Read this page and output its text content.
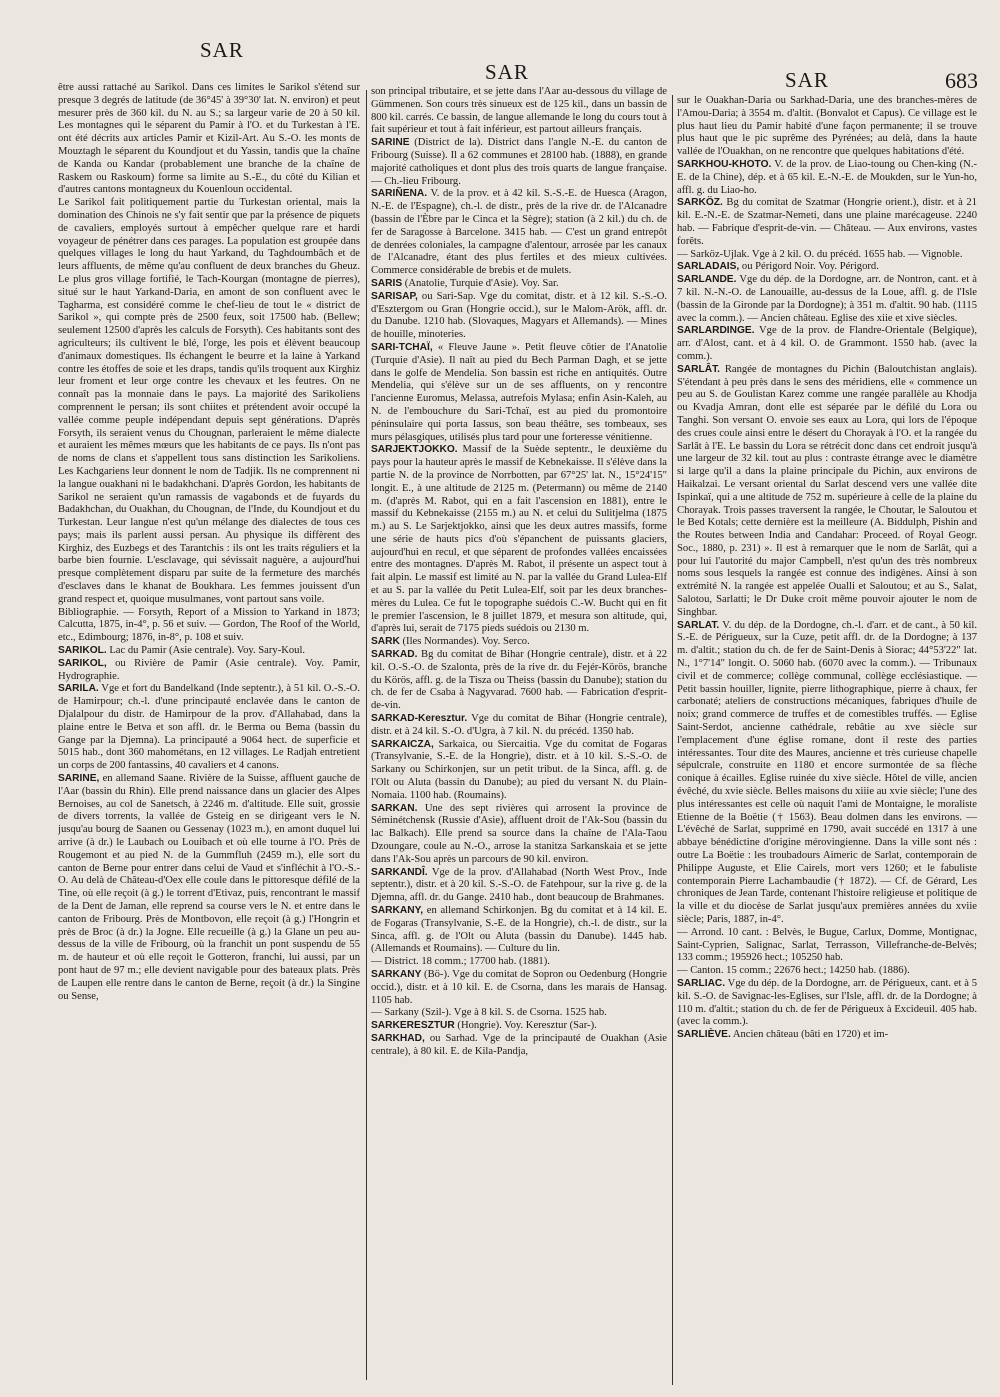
SAR
SAR	SAR	683

être aussi rattaché au Sarikol. Dans ces limites le Sarikol s'étend sur presque 3 degrés de latitude (de 36°45' à 39°30' lat. N. environ) et peut mesurer près de 360 kil. du N. au S.; sa largeur varie de 20 à 50 kil. Les montagnes qui le séparent du Pamir à l'O. et du Turkestan à l'E. ont été décrits aux articles Pamir et Kizil-Art. Au S.-O. les monts de Mouztagh le séparent du Koundjout et du Yassin, tandis que la chaîne de Kanda ou Kandar (probablement une branche de la chaîne de Raskem ou Raskoum) forme sa limite au S.-E., du côté du Kilian et d'autres cantons montagneux du Kouenloun occidental.

Le Sarikol fait politiquement partie du Turkestan oriental, mais la domination des Chinois ne s'y fait sentir que par la présence de piquets de cavaliers, employés surtout à empêcher quelque rare et hardi voyageur de pénétrer dans ces parages. La population est groupée dans quelques villages le long du haut Yarkand, du Taghdoumbâch et de leurs affluents, de même qu'au confluent de deux branches du Gheuz. Le plus gros village fortifié, le Tach-Kourgan (montagne de pierres), situé sur le haut Yarkand-Daria, en amont de son confluent avec le Tagharma, est considéré comme le chef-lieu de tout le « district de Sarikol », qui compte près de 2500 feux, soit 17500 hab. (Bellew; seulement 12500 d'après les calculs de Forsyth). Ces habitants sont des agriculteurs; ils cultivent le blé, l'orge, les pois et élèvent beaucoup d'animaux domestiques. Ils échangent le beurre et la laine à Yarkand contre les étoffes de soie et les draps, tandis qu'ils troquent aux Kirghiz leur froment et leur orge contre les chevaux et les feutres. On ne connaît pas la monnaie dans le pays. La majorité des Sarikoliens comprennent le persan; ils sont chiites et prétendent avoir occupé la vallée comme peuple indépendant depuis sept générations. D'après Forsyth, ils seraient venus du Chougnan, parleraient le même dialecte et auraient les mêmes mœurs que les habitants de ce pays. Ils n'ont pas de noms de clans et s'appellent tous sans distinction les Sarikoliens. Les Kachgariens leur donnent le nom de Tadjik. Ils ne comprennent ni la langue ouakhani ni le badakhchani. D'après Gordon, les habitants de Sarikol ne seraient qu'un ramassis de vagabonds et de fuyards du Badakhchan, du Ouakhan, du Chougnan, de l'Inde, du Koundjout et du Turkestan. Leur langue n'est qu'un mélange des dialectes de tous ces pays; mais ils parlent aussi persan. Au physique ils diffèrent des Kirghiz, des Euzbegs et des Tarantchis : ils ont les traits réguliers et la barbe bien fournie. L'esclavage, qui sévissait naguère, a aujourd'hui presque complètement disparu par suite de la fermeture des marchés d'esclaves dans le khanat de Boukhara. Les femmes jouissent d'un grand respect et, quoique musulmanes, vont partout sans voile.

Bibliographie. — Forsyth, Report of a Mission to Yarkand in 1873; Calcutta, 1875, in-4°, p. 56 et suiv. — Gordon, The Roof of the World, etc., Edimbourg; 1876, in-8°, p. 108 et suiv.

SARIKOL. Lac du Pamir (Asie centrale). Voy. Sary-Koul.

SARIKOL, ou Rivière de Pamir (Asie centrale). Voy. Pamir, Hydrographie.

SARILA. Vge et fort du Bandelkand (Inde septentr.), à 51 kil. O.-S.-O. de Hamirpour; ch.-l. d'une principauté enclavée dans le canton de Djalalpour du distr. de Hamirpour de la prov. d'Allahabad, dans la plaine entre le Betva et son affl. dr. le Berma ou Bema (bassin du Gange par la Djemna). La principauté a 9064 hect. de superficie et 5015 hab., dont 360 mahométans, en 12 villages. Le Radjah entretient un corps de 200 fantassins, 40 cavaliers et 4 canons.

SARINE, en allemand Saane. Rivière de la Suisse, affluent gauche de l'Aar (bassin du Rhin). Elle prend naissance dans un glacier des Alpes Bernoises, au col de Sanetsch, à 2246 m. d'altitude. Elle suit, grossie de divers torrents, la vallée de Gsteig en se dirigeant vers le N. jusqu'au bourg de Saanen ou Gessenay (1023 m.), en amont duquel lui arrive (à dr.) le Laubach ou Louibach et où elle tourne à l'O. Près de Rougemont et au pied N. de la Gummfluh (2459 m.), elle sort du canton de Berne pour entrer dans celui de Vaud et s'infléchit à l'O.-S.-O. Au delà de Château-d'Oex elle coule dans le pittoresque défilé de la Tine, où elle reçoit (à g.) le torrent d'Etivaz, puis, rencontrant le massif de la Dent de Jaman, elle reprend sa course vers le N. et entre dans le canton de Fribourg. Près de Montbovon, elle reçoit (à g.) l'Hongrin et près de Broc (à dr.) la Jogne. Elle recueille (à g.) la Glane un peu au-dessus de la ville de Fribourg, où la franchit un pont suspendu de 55 m. de hauteur et où elle reçoit le Gotteron, franchi, lui aussi, par un pont haut de 97 m.; elle devient navigable pour des bateaux plats. Près de Laupen elle rentre dans le canton de Berne, reçoit (à dr.) la Singine ou Sense,

son principal tributaire, et se jette dans l'Aar au-dessous du village de Gümmenen. Son cours très sinueux est de 125 kil., dans un bassin de 800 kil. carrés. Ce bassin, de langue allemande le long du cours tout à fait supérieur et tout à fait inférieur, est partout ailleurs français.

SARINE (District de la). District dans l'angle N.-E. du canton de Fribourg (Suisse). Il a 62 communes et 28100 hab. (1888), en grande majorité catholiques et dont plus des trois quarts de langue française. — Ch.-lieu Fribourg.

SARIÑENA. V. de la prov. et à 42 kil. S.-S.-E. de Huesca (Aragon, N.-E. de l'Espagne), ch.-l. de distr., près de la rive dr. de l'Alcanadre (bassin de l'Èbre par le Cinca et la Sègre); station (à 2 kil.) du ch. de fer de Saragosse à Barcelone. 3415 hab. — C'est un grand entrepôt de denrées coloniales, la campagne d'alentour, arrosée par les canaux de l'Alcanadre, étant des plus fertiles et des mieux cultivées. Commerce considérable de brebis et de mulets.

SARIS (Anatolie, Turquie d'Asie). Voy. Sar.

SARISAP, ou Sari-Sap. Vge du comitat, distr. et à 12 kil. S.-S.-O. d'Esztergom ou Gran (Hongrie occid.), sur le Malom-Arök, affl. dr. du Danube. 1210 hab. (Slovaques, Magyars et Allemands). — Mines de houille, minoteries.

SARI-TCHAÏ, « Fleuve Jaune ». Petit fleuve côtier de l'Anatolie (Turquie d'Asie). Il naît au pied du Bech Parman Dagh, et se jette dans le golfe de Mendelia. Son bassin est riche en antiquités. Outre Mendelia, qui s'élève sur un de ses affluents, on y rencontre l'ancienne Euromus, Melassa, autrefois Mylasa; enfin Asin-Kaleh, au N. de l'embouchure du Sari-Tchaï, est au pied du promontoire péninsulaire qui porta Iassus, son beau théâtre, ses tombeaux, ses murs pélasgiques, utilisés plus tard pour une forteresse vénitienne.

SARJEKTJOKKO. Massif de la Suède septentr., le deuxième du pays pour la hauteur après le massif de Kebnekaisse. Il s'élève dans la partie N. de la province de Norrbotten, par 67°25' lat. N., 15°24'15" longit. E., à une altitude de 2125 m. (Petermann) ou même de 2140 m. (d'après M. Rabot, qui en a fait l'ascension en 1881), entre le massif du Kebnekaisse (2155 m.) au N. et celui du Sulitjelma (1875 m.) au S. Le Sarjektjokko, ainsi que les deux autres massifs, forme une série de hauts pics d'où s'épanchent de puissants glaciers, aujourd'hui en recul, et que séparent de profondes vallées encaissées entre des montagnes. D'après M. Rabot, il présente un aspect tout à fait alpin. Le massif est limité au N. par la vallée du Grand Lulea-Elf et au S. par la vallée du Petit Lulea-Elf, soit par les deux branches-mères du Lulea. Ce fut le topographe suédois C.-W. Bucht qui en fit le premier l'ascension, le 8 juillet 1879, et mesura son altitude, qui, d'après lui, serait de 7175 pieds suédois ou 2130 m.

SARK (Iles Normandes). Voy. Serco.

SARKAD. Bg du comitat de Bihar (Hongrie centrale), distr. et à 22 kil. O.-S.-O. de Szalonta, près de la rive dr. du Fejér-Körös, branche du Körös, affl. g. de la Tisza ou Theiss (bassin du Danube); station du ch. de fer de Csaba à Nagyvarad. 7600 hab. — Fabrication d'esprit-de-vin.

SARKAD-Keresztur. Vge du comitat de Bihar (Hongrie centrale), distr. et à 24 kil. S.-O. d'Ugra, à 7 kil. N. du précéd. 1350 hab.

SARKAICZA, Sarkaica, ou Siercaitia. Vge du comitat de Fogaras (Transylvanie, S.-E. de la Hongrie), distr. et à 10 kil. S.-S.-O. de Sarkany ou Schirkonjen, sur un petit tribut. de la Sinca, affl. g. de l'Olt ou Aluta (bassin du Danube); au pied du versant N. du Plain-Nomaia. 1100 hab. (Roumains).

SARKAN. Une des sept rivières qui arrosent la province de Séminétchensk (Russie d'Asie), affluent droit de l'Ak-Sou (bassin du lac Balkach). Elle prend sa source dans la chaîne de l'Ala-Taou Dzoungare, coule au N.-O., arrose la stanitza Sarkanskaia et se jette dans l'Ak-Sou après un parcours de 90 kil. environ.

SARKANDÎ. Vge de la prov. d'Allahabad (North West Prov., Inde septentr.), distr. et à 20 kil. S.-S.-O. de Fatehpour, sur la rive g. de la Djemna, affl. dr. du Gange. 2410 hab., dont beaucoup de Brahmanes.

SARKANY, en allemand Schirkonjen. Bg du comitat et à 14 kil. E. de Fogaras (Transylvanie, S.-E. de la Hongrie), ch.-l. de distr., sur la Sinca, affl. g. de l'Olt ou Aluta (bassin du Danube). 1445 hab. (Allemands et Roumains). — Culture du lin.

— District. 18 comm.; 17700 hab. (1881).

SARKANY (Bö-). Vge du comitat de Sopron ou Oedenburg (Hongrie occid.), distr. et à 10 kil. E. de Csorna, dans les marais de Hansag. 1105 hab.

— Sarkany (Szil-). Vge à 8 kil. S. de Csorna. 1525 hab.

SARKERESZTUR (Hongrie). Voy. Keresztur (Sar-).

SARKHAD, ou Sarhad. Vge de la principauté de Ouakhan (Asie centrale), à 80 kil. E. de Kila-Pandja,

sur le Ouakhan-Daria ou Sarkhad-Daria, une des branches-mères de l'Amou-Daria; à 3554 m. d'altit. (Bonvalot et Capus). Ce village est le plus haut lieu du Pamir habité d'une façon permanente; il se trouve plus haut que le pic suprême des Pyrénées; au delà, dans la haute vallée de l'Ouakhan, on ne rencontre que quelques habitations d'été.

SARKHOU-KHOTO. V. de la prov. de Liao-toung ou Chen-king (N.-E. de la Chine), dép. et à 65 kil. E.-N.-E. de Moukden, sur le Yun-ho, affl. g. du Liao-ho.

SARKÖZ. Bg du comitat de Szatmar (Hongrie orient.), distr. et à 21 kil. E.-N.-E. de Szatmar-Nemeti, dans une plaine marécageuse. 2240 hab. — Fabrique d'esprit-de-vin. — Château. — Aux environs, vastes forêts.

— Sarköz-Ujlak. Vge à 2 kil. O. du précéd. 1655 hab. — Vignoble.

SARLADAIS, ou Périgord Noir. Voy. Périgord.

SARLANDE. Vge du dép. de la Dordogne, arr. de Nontron, cant. et à 7 kil. N.-N.-O. de Lanouaille, au-dessus de la Loue, affl. g. de l'Isle (bassin de la Gironde par la Dordogne); à 351 m. d'altit. 90 hab. (1115 avec la comm.). — Ancien château. Eglise des xiie et xive siècles.

SARLARDINGE. Vge de la prov. de Flandre-Orientale (Belgique), arr. d'Alost, cant. et à 4 kil. O. de Grammont. 1550 hab. (avec la comm.).

SARLÂT. Rangée de montagnes du Pichin (Baloutchistan anglais). S'étendant à peu près dans le sens des méridiens, elle « commence un peu au S. de Goulistan Karez comme une rangée parallèle au Khodja ou Kvadja Amran, dont elle est séparée par le défilé du Lora ou Tanghi. Son versant O. envoie ses eaux au Lora, qui lors de l'époque des crues coule ainsi entre le désert du Chorayak à l'O. et la rangée du Sarlât à l'E. Le bassin du Lora se rétrécit donc dans cet endroit jusqu'à une largeur de 32 kil. tout au plus : contraste étrange avec le diamètre si large qu'il a dans la plaine principale du Pichin, aux environs de Haikalzai. Le versant oriental du Sarlat descend vers une vallée dite Ispinkaï, qui a une altitude de 752 m. supérieure à celle de la plaine du Chorayak. Trois passes traversent la rangée, le Choutar, le Saloutou et le Bed Kotals; cette dernière est la meilleure (A. Biddulph, Pishin and the Routes between India and Candahar: Proceed. of Royal Geogr. Soc., 1880, p. 231) ». Il est à remarquer que le nom de Sarlât, qui a pour lui l'autorité du major Campbell, n'est qu'un des très nombreux noms sous lesquels la rangée est connue des indigènes. Ainsi à son extrémité N. la rangée est appelée Oualli et Saloutou; et au S., Salat, Salotou, Sarlatti; le Dr Duke croit même pouvoir ajouter le nom de Singhbar.

SARLAT. V. du dép. de la Dordogne, ch.-l. d'arr. et de cant., à 50 kil. S.-E. de Périgueux, sur la Cuze, petit affl. dr. de la Dordogne; à 137 m. d'altit.; station du ch. de fer de Saint-Denis à Siorac; 44°53'22" lat. N., 1°7'14" longit. O. 5060 hab. (6070 avec la comm.). — Tribunaux civil et de commerce; collège communal, collège ecclésiastique. — Petit bassin houiller, lignite, pierre lithographique, pierre à chaux, fer carbonaté; ateliers de constructions mécaniques, fabriques d'huile de noix; grand commerce de truffes et de comestibles truffés. — Eglise Saint-Serdot, ancienne cathédrale, rebâtie au xve siècle sur l'emplacement d'une église romane, dont il reste des parties intéressantes. Tour dite des Maures, ancienne et très curieuse chapelle sépulcrale, construite en 1180 et encore surmontée de sa flèche conique à écailles. Eglise ruinée du xive siècle. Hôtel de ville, ancien évêché, du xvie siècle. Belles maisons du xiiie au xvie siècle; l'une des plus intéressantes est celle où naquit l'ami de Montaigne, le moraliste Etienne de la Boëtie († 1563). Beau dolmen dans les environs. — L'évêché de Sarlat, supprimé en 1790, avait succédé en 1317 à une abbaye bénédictine d'origine mérovingienne. Dans la ville sont nés : outre La Boëtie : les troubadours Aimeric de Sarlat, contemporain de Philippe Auguste, et Elie Cairels, mort vers 1260; et le fabuliste contemporain Pierre Lachambaudie († 1872). — Cf. de Gérard, Les chroniques de Jean Tarde, contenant l'histoire religieuse et politique de la ville et du diocèse de Sarlat jusqu'aux premières années du xviie siècle; Paris, 1887, in-4°.

— Arrond. 10 cant. : Belvès, le Bugue, Carlux, Domme, Montignac, Saint-Cyprien, Salignac, Sarlat, Terrasson, Villefranche-de-Belvès; 133 comm.; 195926 hect.; 105250 hab.

— Canton. 15 comm.; 22676 hect.; 14250 hab. (1886).

SARLIAC. Vge du dép. de la Dordogne, arr. de Périgueux, cant. et à 5 kil. S.-O. de Savignac-les-Eglises, sur l'Isle, affl. dr. de la Dordogne; à 110 m. d'altit.; station du ch. de fer de Périgueux à Excideuil. 405 hab. (avec la comm.).

SARLIÈVE. Ancien château (bâti en 1720) et im-
